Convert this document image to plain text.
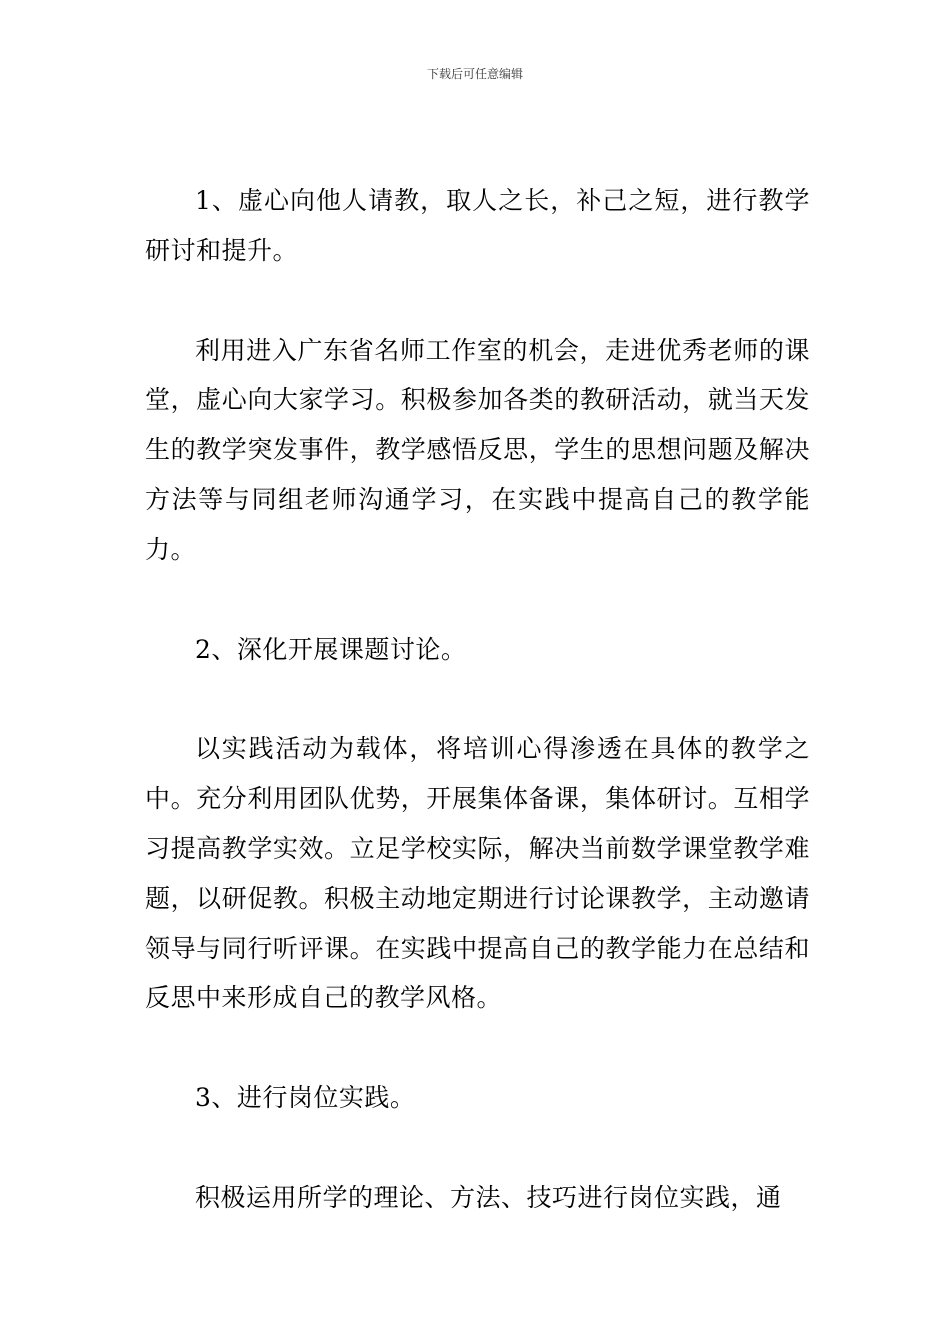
下载后可任意编辑

1、虚心向他人请教，取人之长，补己之短，进行教学研讨和提升。

利用进入广东省名师工作室的机会，走进优秀老师的课堂，虚心向大家学习。积极参加各类的教研活动，就当天发生的教学突发事件，教学感悟反思，学生的思想问题及解决方法等与同组老师沟通学习，在实践中提高自己的教学能力。

2、深化开展课题讨论。

以实践活动为载体，将培训心得渗透在具体的教学之中。充分利用团队优势，开展集体备课，集体研讨。互相学习提高教学实效。立足学校实际，解决当前数学课堂教学难题，以研促教。积极主动地定期进行讨论课教学，主动邀请领导与同行听评课。在实践中提高自己的教学能力在总结和反思中来形成自己的教学风格。

3、进行岗位实践。

积极运用所学的理论、方法、技巧进行岗位实践，通
